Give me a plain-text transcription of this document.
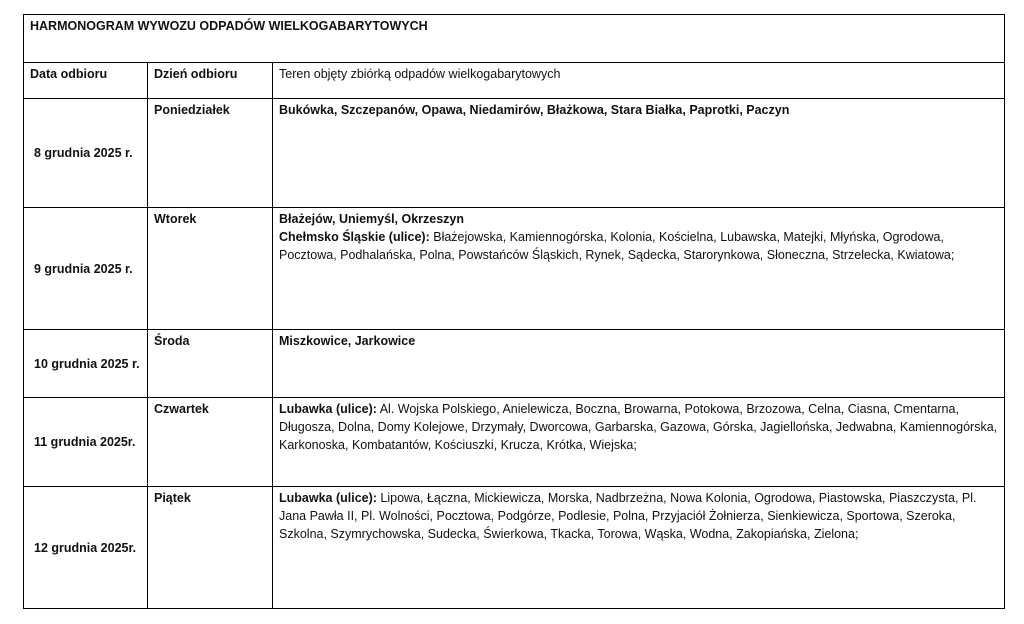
HARMONOGRAM WYWOZU ODPADÓW WIELKOGABARYTOWYCH		
Data odbioru	Dzień odbioru	Teren objęty zbiórką odpadów wielkogabarytowych
8 grudnia 2025 r.	Poniedziałek	Bukówka, Szczepanów, Opawa, Niedamirów, Błażkowa, Stara Białka, Paprotki, Paczyn

9 grudnia 2025 r.	Wtorek	Błażejów, Uniemyśl, Okrzeszyn
Chełmsko Śląskie (ulice): Błażejowska, Kamiennogórska, Kolonia, Kościelna, Lubawska, Matejki, Młyńska, Ogrodowa, Pocztowa, Podhalańska, Polna, Powstańców Śląskich, Rynek, Sądecka, Starorynkowa, Słoneczna, Strzelecka, Kwiatowa;

10 grudnia 2025 r.	Środa	Miszkowice, Jarkowice

11 grudnia 2025r.	Czwartek	Lubawka (ulice): Al. Wojska Polskiego, Anielewicza, Boczna, Browarna, Potokowa, Brzozowa, Celna, Ciasna, Cmentarna, Długosza, Dolna, Domy Kolejowe, Drzymały, Dworcowa, Garbarska, Gazowa, Górska, Jagiellońska, Jedwabna, Kamiennogórska, Karkonoska, Kombatantów, Kościuszki, Krucza, Krótka, Wiejska;

12 grudnia 2025r.	Piątek	Lubawka (ulice): Lipowa, Łączna, Mickiewicza, Morska, Nadbrzeżna, Nowa Kolonia, Ogrodowa, Piastowska, Piaszczysta, Pl. Jana Pawła II, Pl. Wolności, Pocztowa, Podgórze, Podlesie, Polna, Przyjaciół Żołnierza, Sienkiewicza, Sportowa, Szeroka, Szkolna, Szymrychowska, Sudecka, Świerkowa, Tkacka, Torowa, Wąska, Wodna, Zakopiańska, Zielona;
